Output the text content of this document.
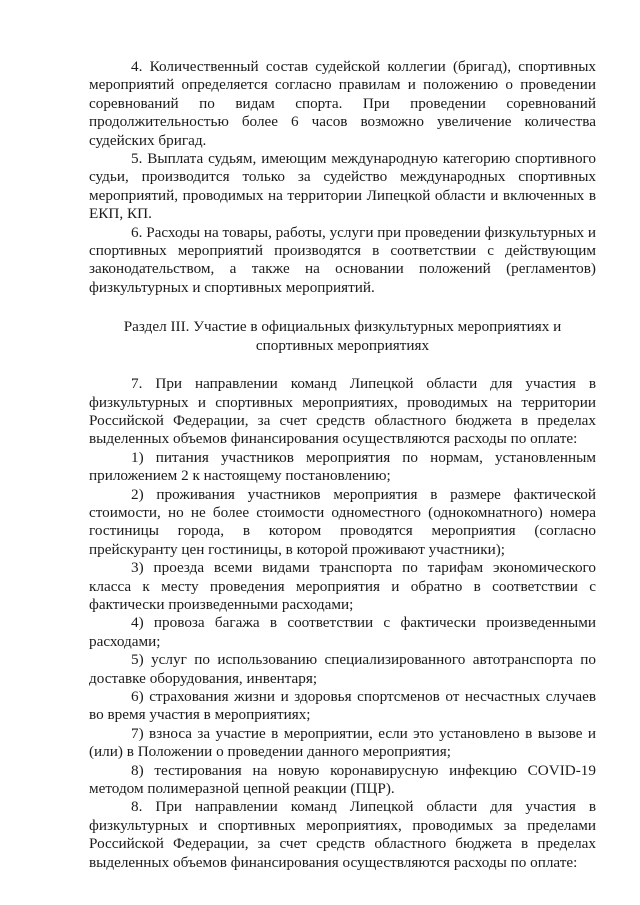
4. Количественный состав судейской коллегии (бригад), спортивных мероприятий определяется согласно правилам и положению о проведении соревнований по видам спорта. При проведении соревнований продолжительностью более 6 часов возможно увеличение количества судейских бригад.

5. Выплата судьям, имеющим международную категорию спортивного судьи, производится только за судейство международных спортивных мероприятий, проводимых на территории Липецкой области и включенных в ЕКП, КП.

6. Расходы на товары, работы, услуги при проведении физкультурных и спортивных мероприятий производятся в соответствии с действующим законодательством, а также на основании положений (регламентов) физкультурных и спортивных мероприятий.

Раздел III. Участие в официальных физкультурных мероприятиях и
спортивных мероприятиях

7. При направлении команд Липецкой области для участия в физкультурных и спортивных мероприятиях, проводимых на территории Российской Федерации, за счет средств областного бюджета в пределах выделенных объемов финансирования осуществляются расходы по оплате:

1) питания участников мероприятия по нормам, установленным приложением 2 к настоящему постановлению;

2) проживания участников мероприятия в размере фактической стоимости, но не более стоимости одноместного (однокомнатного) номера гостиницы города, в котором проводятся мероприятия (согласно прейскуранту цен гостиницы, в которой проживают участники);

3) проезда всеми видами транспорта по тарифам экономического класса к месту проведения мероприятия и обратно в соответствии с фактически произведенными расходами;

4) провоза багажа в соответствии с фактически произведенными расходами;

5) услуг по использованию специализированного автотранспорта по доставке оборудования, инвентаря;

6) страхования жизни и здоровья спортсменов от несчастных случаев во время участия в мероприятиях;

7) взноса за участие в мероприятии, если это установлено в вызове и (или) в Положении о проведении данного мероприятия;

8) тестирования на новую коронавирусную инфекцию COVID-19 методом полимеразной цепной реакции (ПЦР).

8. При направлении команд Липецкой области для участия в физкультурных и спортивных мероприятиях, проводимых за пределами Российской Федерации, за счет средств областного бюджета в пределах выделенных объемов финансирования осуществляются расходы по оплате:
